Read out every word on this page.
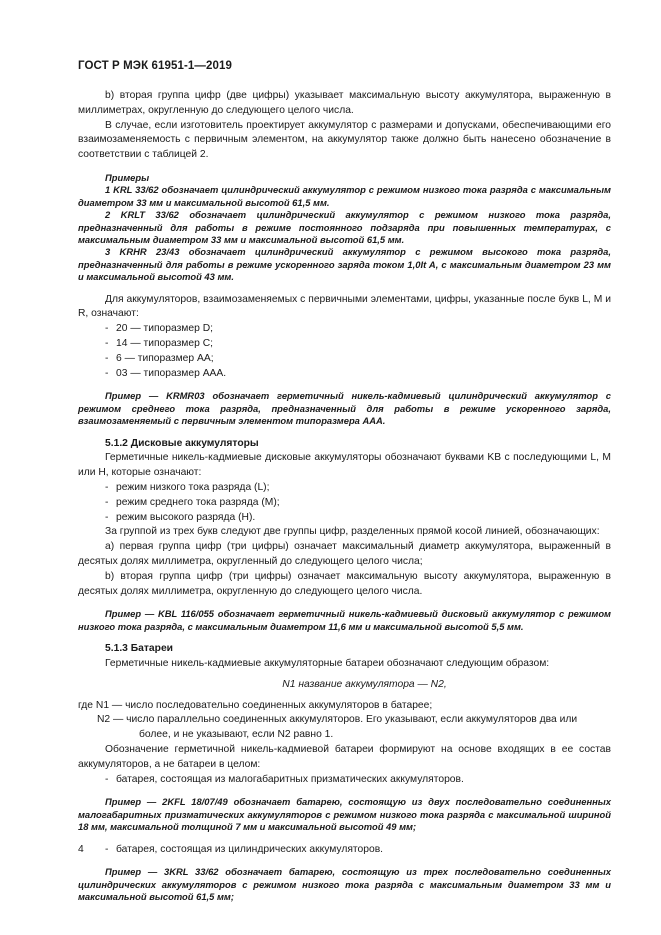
ГОСТ Р МЭК 61951-1—2019

b) вторая группа цифр (две цифры) указывает максимальную высоту аккумулятора, выраженную в миллиметрах, округленную до следующего целого числа.

В случае, если изготовитель проектирует аккумулятор с размерами и допусками, обеспечивающими его взаимозаменяемость с первичным элементом, на аккумулятор также должно быть нанесено обозначение в соответствии с таблицей 2.

Примеры

1 KRL 33/62 обозначает цилиндрический аккумулятор с режимом низкого тока разряда с максимальным диаметром 33 мм и максимальной высотой 61,5 мм.

2 KRLT 33/62 обозначает цилиндрический аккумулятор с режимом низкого тока разряда, предназначенный для работы в режиме постоянного подзаряда при повышенных температурах, с максимальным диаметром 33 мм и максимальной высотой 61,5 мм.

3 KRHR 23/43 обозначает цилиндрический аккумулятор с режимом высокого тока разряда, предназначенный для работы в режиме ускоренного заряда током 1,0It A, с максимальным диаметром 23 мм и максимальной высотой 43 мм.

Для аккумуляторов, взаимозаменяемых с первичными элементами, цифры, указанные после букв L, M и R, означают:

- 20 — типоразмер D;
- 14 — типоразмер C;
- 6 — типоразмер AA;
- 03 — типоразмер AAA.

Пример — KRMR03 обозначает герметичный никель-кадмиевый цилиндрический аккумулятор с режимом среднего тока разряда, предназначенный для работы в режиме ускоренного заряда, взаимозаменяемый с первичным элементом типоразмера AAA.

5.1.2 Дисковые аккумуляторы

Герметичные никель-кадмиевые дисковые аккумуляторы обозначают буквами KB с последующими L, M или H, которые означают:

- режим низкого тока разряда (L);
- режим среднего тока разряда (M);
- режим высокого разряда (H).

За группой из трех букв следуют две группы цифр, разделенных прямой косой линией, обозначающих:

a) первая группа цифр (три цифры) означает максимальный диаметр аккумулятора, выраженный в десятых долях миллиметра, округленный до следующего целого числа;

b) вторая группа цифр (три цифры) означает максимальную высоту аккумулятора, выраженную в десятых долях миллиметра, округленную до следующего целого числа.

Пример — KBL 116/055 обозначает герметичный никель-кадмиевый дисковый аккумулятор с режимом низкого тока разряда, с максимальным диаметром 11,6 мм и максимальной высотой 5,5 мм.

5.1.3 Батареи

Герметичные никель-кадмиевые аккумуляторные батареи обозначают следующим образом:

N1 название аккумулятора — N2,

где N1 — число последовательно соединенных аккумуляторов в батарее;

N2 — число параллельно соединенных аккумуляторов. Его указывают, если аккумуляторов два или

более, и не указывают, если N2 равно 1.

Обозначение герметичной никель-кадмиевой батареи формируют на основе входящих в ее состав аккумуляторов, а не батареи в целом:

- батарея, состоящая из малогабаритных призматических аккумуляторов.

Пример — 2KFL 18/07/49 обозначает батарею, состоящую из двух последовательно соединенных малогабаритных призматических аккумуляторов с режимом низкого тока разряда с максимальной шириной 18 мм, максимальной толщиной 7 мм и максимальной высотой 49 мм;

- батарея, состоящая из цилиндрических аккумуляторов.

Пример — 3KRL 33/62 обозначает батарею, состоящую из трех последовательно соединенных цилиндрических аккумуляторов с режимом низкого тока разряда с максимальным диаметром 33 мм и максимальной высотой 61,5 мм;

4
